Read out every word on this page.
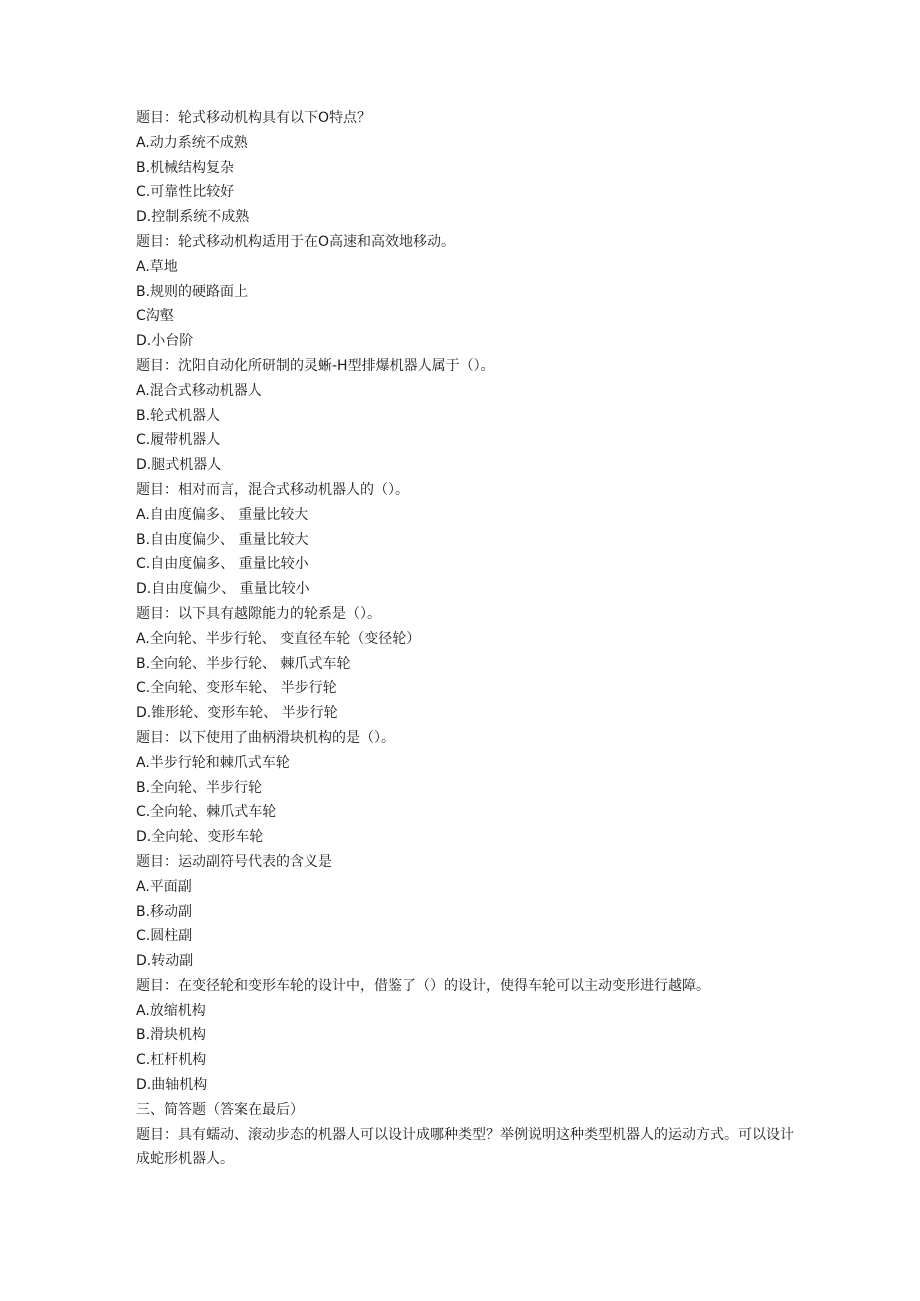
题目：轮式移动机构具有以下O特点？
A.动力系统不成熟
B.机械结构复杂
C.可靠性比较好
D.控制系统不成熟
题目：轮式移动机构适用于在O高速和高效地移动。
A.草地
B.规则的硬路面上
C沟壑
D.小台阶
题目：沈阳自动化所研制的灵蜥-H型排爆机器人属于（）。
A.混合式移动机器人
B.轮式机器人
C.履带机器人
D.腿式机器人
题目：相对而言，混合式移动机器人的（）。
A.自由度偏多、 重量比较大
B.自由度偏少、 重量比较大
C.自由度偏多、 重量比较小
D.自由度偏少、 重量比较小
题目：以下具有越隙能力的轮系是（）。
A.全向轮、半步行轮、 变直径车轮（变径轮）
B.全向轮、半步行轮、 棘爪式车轮
C.全向轮、变形车轮、 半步行轮
D.锥形轮、变形车轮、 半步行轮
题目：以下使用了曲柄滑块机构的是（）。
A.半步行轮和棘爪式车轮
B.全向轮、半步行轮
C.全向轮、棘爪式车轮
D.全向轮、变形车轮
题目：运动副符号代表的含义是
A.平面副
B.移动副
C.圆柱副
D.转动副
题目：在变径轮和变形车轮的设计中，借鉴了（）的设计，使得车轮可以主动变形进行越障。
A.放缩机构
B.滑块机构
C.杠杆机构
D.曲轴机构
三、简答题（答案在最后）
题目：具有蠕动、滚动步态的机器人可以设计成哪种类型？举例说明这种类型机器人的运动方式。可以设计成蛇形机器人。
